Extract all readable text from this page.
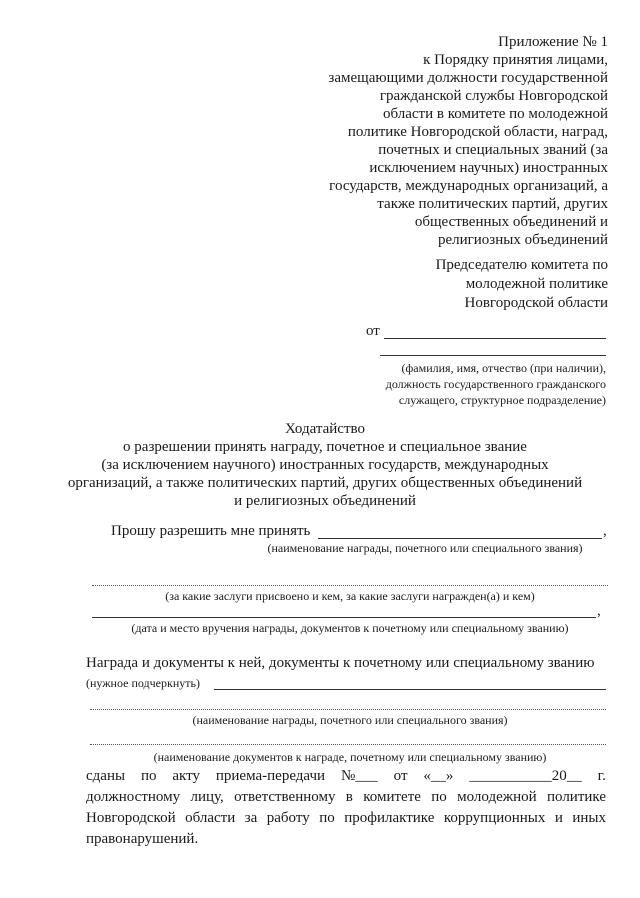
Приложение № 1
к Порядку принятия лицами,
замещающими должности государственной
гражданской службы Новгородской
области в комитете по молодежной
политике Новгородской области, наград,
почетных и специальных званий (за
исключением научных) иностранных
государств, международных организаций, а
также политических партий, других
общественных объединений и
религиозных объединений
Председателю комитета по
молодежной политике
Новгородской области
от
(фамилия, имя, отчество (при наличии),
должность государственного гражданского
служащего, структурное подразделение)
Ходатайство
о разрешении принять награду, почетное и специальное звание
(за исключением научного) иностранных государств, международных
организаций, а также политических партий, других общественных объединений
и религиозных объединений
Прошу разрешить мне принять	,
(наименование награды, почетного или специального звания)
(за какие заслуги присвоено и кем, за какие заслуги награжден(а) и кем)
,
(дата и место вручения награды, документов к почетному или специальному званию)
Награда и документы к ней, документы к почетному или специальному званию
(нужное подчеркнуть)
(наименование награды, почетного или специального звания)
(наименование документов к награде, почетному или специальному званию)
сданы по акту приема-передачи №___ от «__» ___________20__ г.
должностному лицу, ответственному в комитете по молодежной политике
Новгородской области за работу по профилактике коррупционных и иных
правонарушений.
